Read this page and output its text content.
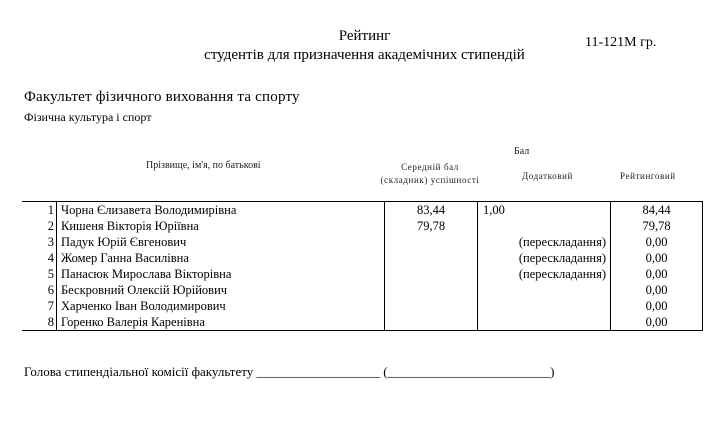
Рейтинг
студентів для призначення академічних стипендій
11-121М гр.
Факультет фізичного виховання та спорту
Фізична культура і спорт
Бал
Прізвище, ім'я, по батькові	Середній бал (складник) успішності	Додатковий	Рейтинговий
1	Чорна Єлизавета Володимирівна	83,44	1,00	84,44
2	Кишеня Вікторія Юріївна	79,78		79,78
3	Падук Юрій Євгенович		(перескладання)	0,00
4	Жомер Ганна Василівна		(перескладання)	0,00
5	Панасюк Мирослава Вікторівна		(перескладання)	0,00
6	Бескровний Олексій Юрійович			0,00
7	Харченко Іван Володимирович			0,00
8	Горенко Валерія Каренівна			0,00
Голова стипендіальної комісії факультету ___________________ (_________________________)
